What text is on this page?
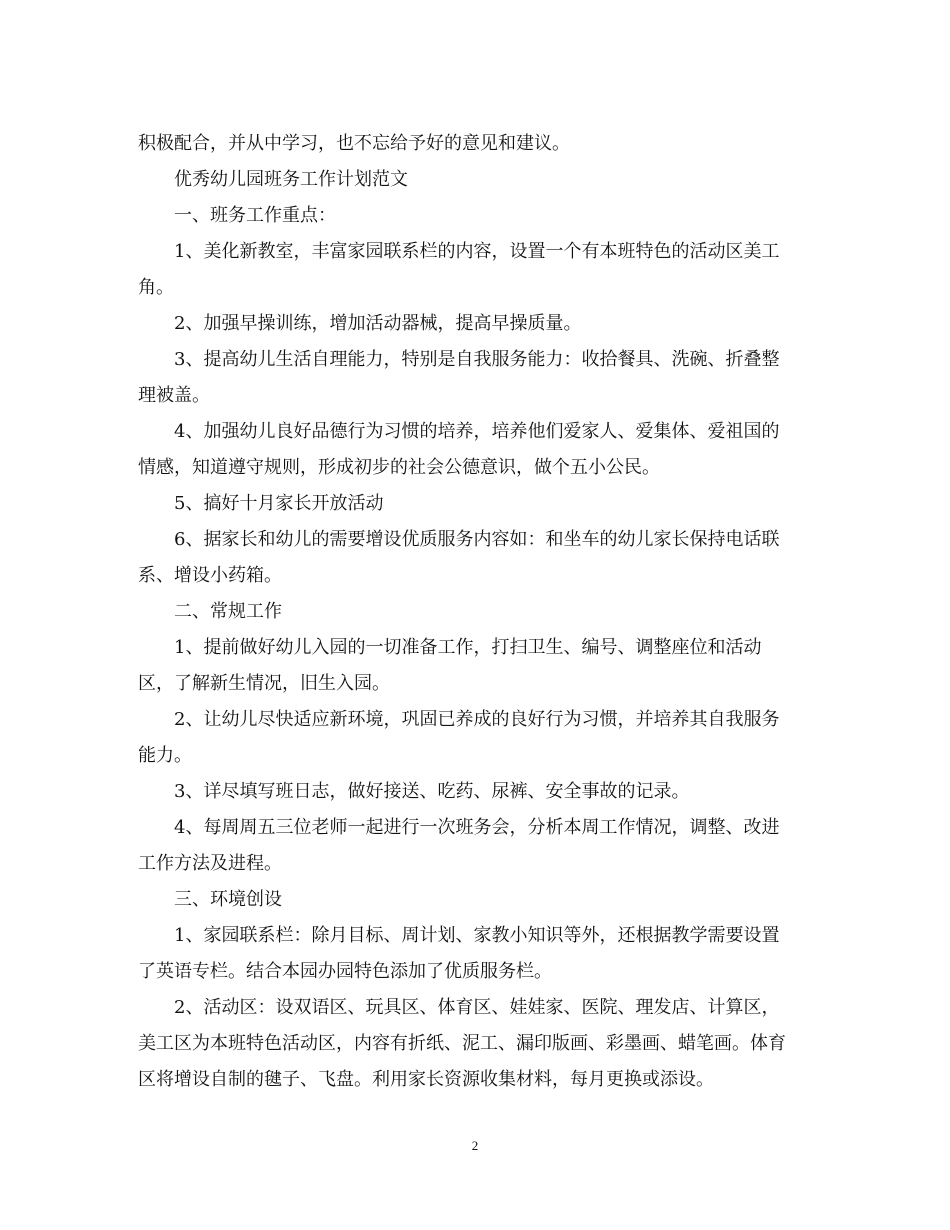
积极配合，并从中学习，也不忘给予好的意见和建议。
优秀幼儿园班务工作计划范文
一、班务工作重点：
1、美化新教室，丰富家园联系栏的内容，设置一个有本班特色的活动区美工
角。
2、加强早操训练，增加活动器械，提高早操质量。
3、提高幼儿生活自理能力，特别是自我服务能力：收拾餐具、洗碗、折叠整
理被盖。
4、加强幼儿良好品德行为习惯的培养，培养他们爱家人、爱集体、爱祖国的
情感，知道遵守规则，形成初步的社会公德意识，做个五小公民。
5、搞好十月家长开放活动
6、据家长和幼儿的需要增设优质服务内容如：和坐车的幼儿家长保持电话联
系、增设小药箱。
二、常规工作
1、提前做好幼儿入园的一切准备工作，打扫卫生、编号、调整座位和活动
区，了解新生情况，旧生入园。
2、让幼儿尽快适应新环境，巩固已养成的良好行为习惯，并培养其自我服务
能力。
3、详尽填写班日志，做好接送、吃药、尿裤、安全事故的记录。
4、每周周五三位老师一起进行一次班务会，分析本周工作情况，调整、改进
工作方法及进程。
三、环境创设
1、家园联系栏：除月目标、周计划、家教小知识等外，还根据教学需要设置
了英语专栏。结合本园办园特色添加了优质服务栏。
2、活动区：设双语区、玩具区、体育区、娃娃家、医院、理发店、计算区，
美工区为本班特色活动区，内容有折纸、泥工、漏印版画、彩墨画、蜡笔画。体育
区将增设自制的毽子、飞盘。利用家长资源收集材料，每月更换或添设。
2
